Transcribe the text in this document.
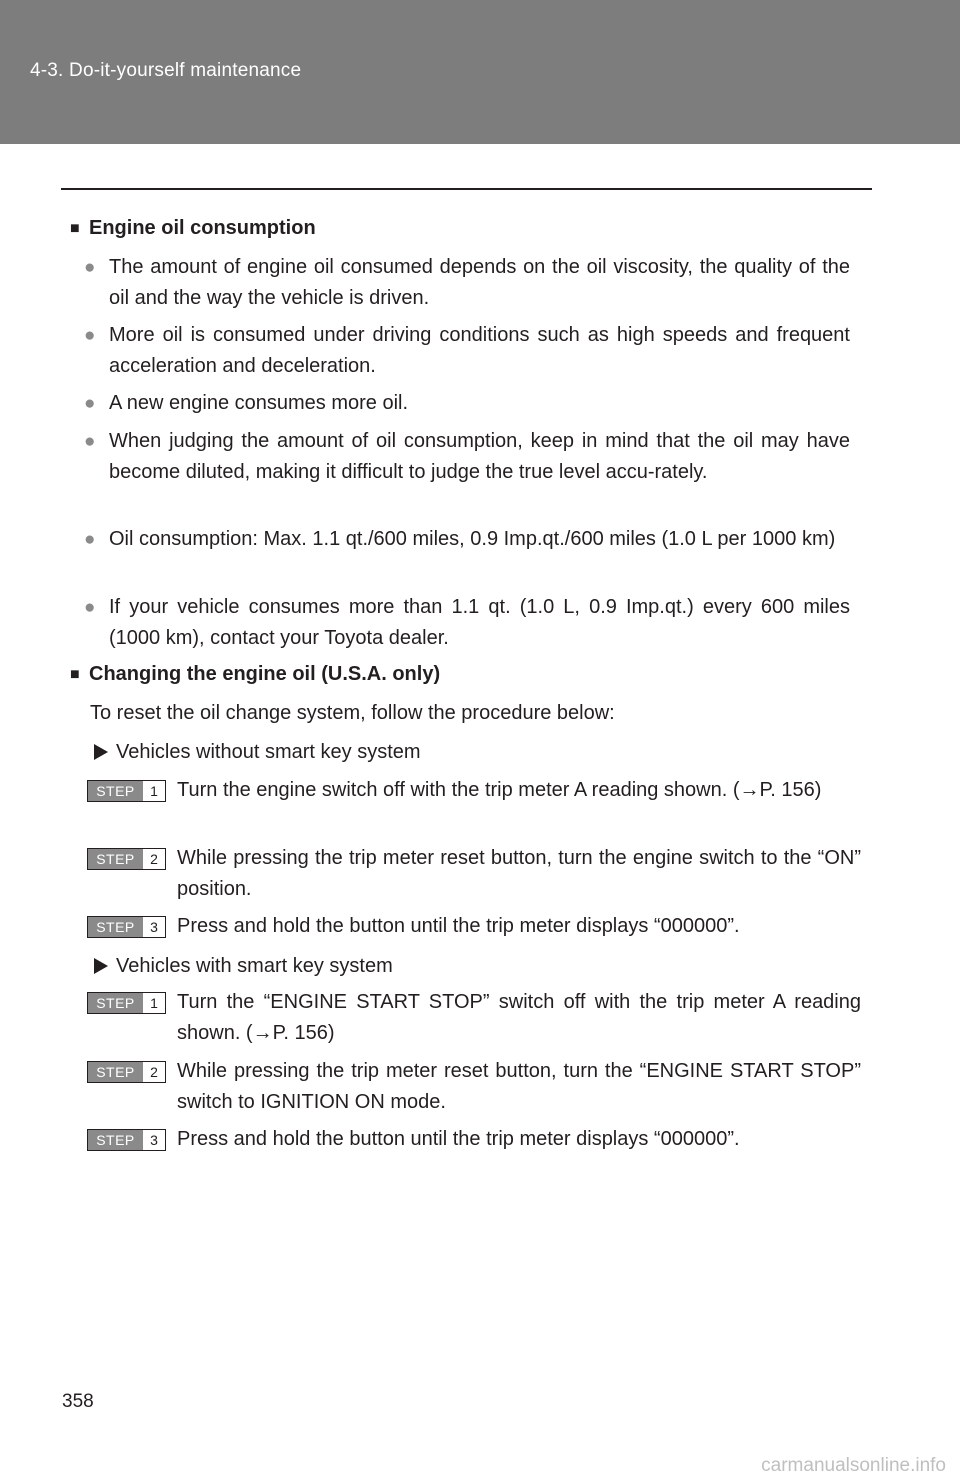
4-3. Do-it-yourself maintenance
■ Engine oil consumption
● The amount of engine oil consumed depends on the oil viscosity, the quality of the oil and the way the vehicle is driven.
● More oil is consumed under driving conditions such as high speeds and frequent acceleration and deceleration.
● A new engine consumes more oil.
● When judging the amount of oil consumption, keep in mind that the oil may have become diluted, making it difficult to judge the true level accu-rately.
● Oil consumption: Max. 1.1 qt./600 miles, 0.9 Imp.qt./600 miles (1.0 L per 1000 km)
● If your vehicle consumes more than 1.1 qt. (1.0 L, 0.9 Imp.qt.) every 600 miles (1000 km), contact your Toyota dealer.
■ Changing the engine oil (U.S.A. only)
To reset the oil change system, follow the procedure below:
Vehicles without smart key system
STEP	1 Turn the engine switch off with the trip meter A reading shown. (→P. 156)
STEP	2 While pressing the trip meter reset button, turn the engine switch to the “ON” position.
STEP	3 Press and hold the button until the trip meter displays “000000”.
Vehicles with smart key system
STEP	1 Turn the “ENGINE START STOP” switch off with the trip meter A reading shown. (→P. 156)
STEP	2 While pressing the trip meter reset button, turn the “ENGINE START STOP” switch to IGNITION ON mode.
STEP	3 Press and hold the button until the trip meter displays “000000”.
358
carmanualsonline.info
